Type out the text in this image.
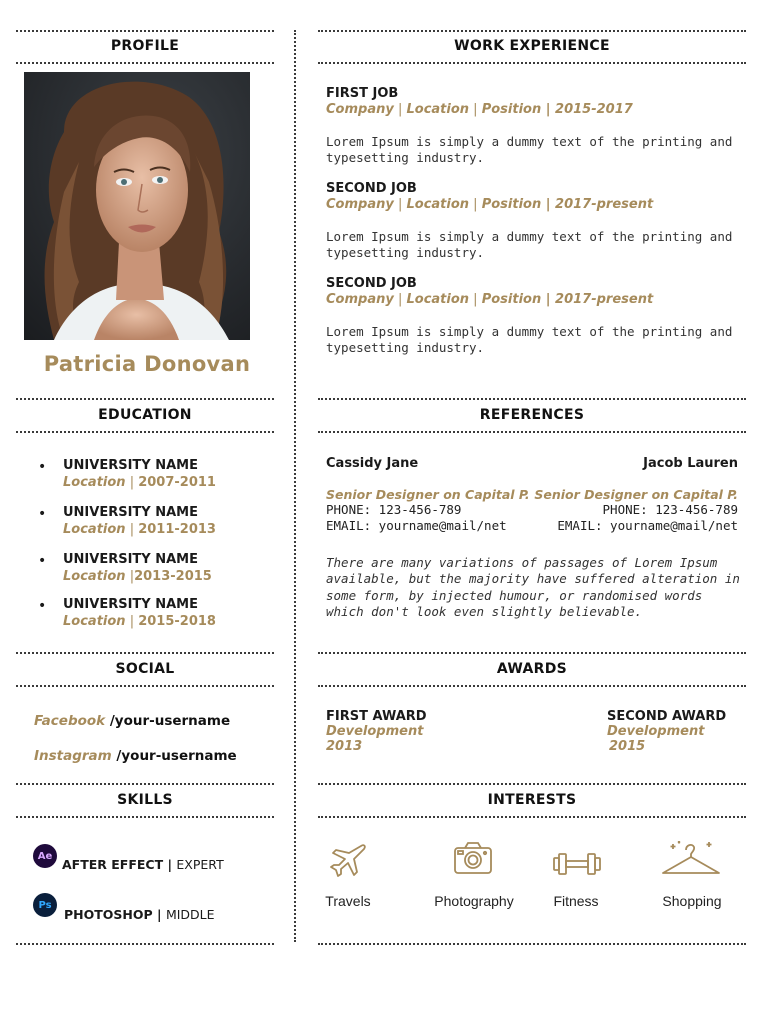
PROFILE
Patricia Donovan
EDUCATION
• UNIVERSITY NAME
Location | 2007-2011
• UNIVERSITY NAME
Location | 2011-2013
• UNIVERSITY NAME
Location |2013-2015
• UNIVERSITY NAME
Location | 2015-2018
SOCIAL
Facebook /your-username
Instagram /your-username
SKILLS
Ae
AFTER EFFECT | EXPERT
Ps
PHOTOSHOP | MIDDLE
WORK EXPERIENCE
FIRST JOB
Company | Location | Position | 2015-2017
Lorem Ipsum is simply a dummy text of the printing and typesetting industry.
SECOND JOB
Company | Location | Position | 2017-present
Lorem Ipsum is simply a dummy text of the printing and typesetting industry.
SECOND JOB
Company | Location | Position | 2017-present
Lorem Ipsum is simply a dummy text of the printing and typesetting industry.
REFERENCES
Cassidy Jane
Senior Designer on Capital P.
PHONE: 123-456-789
EMAIL: yourname@mail/net
Jacob Lauren
Senior Designer on Capital P.
PHONE: 123-456-789
EMAIL: yourname@mail/net
There are many variations of passages of Lorem Ipsum available, but the majority have suffered alteration in some form, by injected humour, or randomised words which don't look even slightly believable.
AWARDS
FIRST AWARD
Development
2013
SECOND AWARD
Development
2015
INTERESTS
Travels	Photography	Fitness	Shopping
